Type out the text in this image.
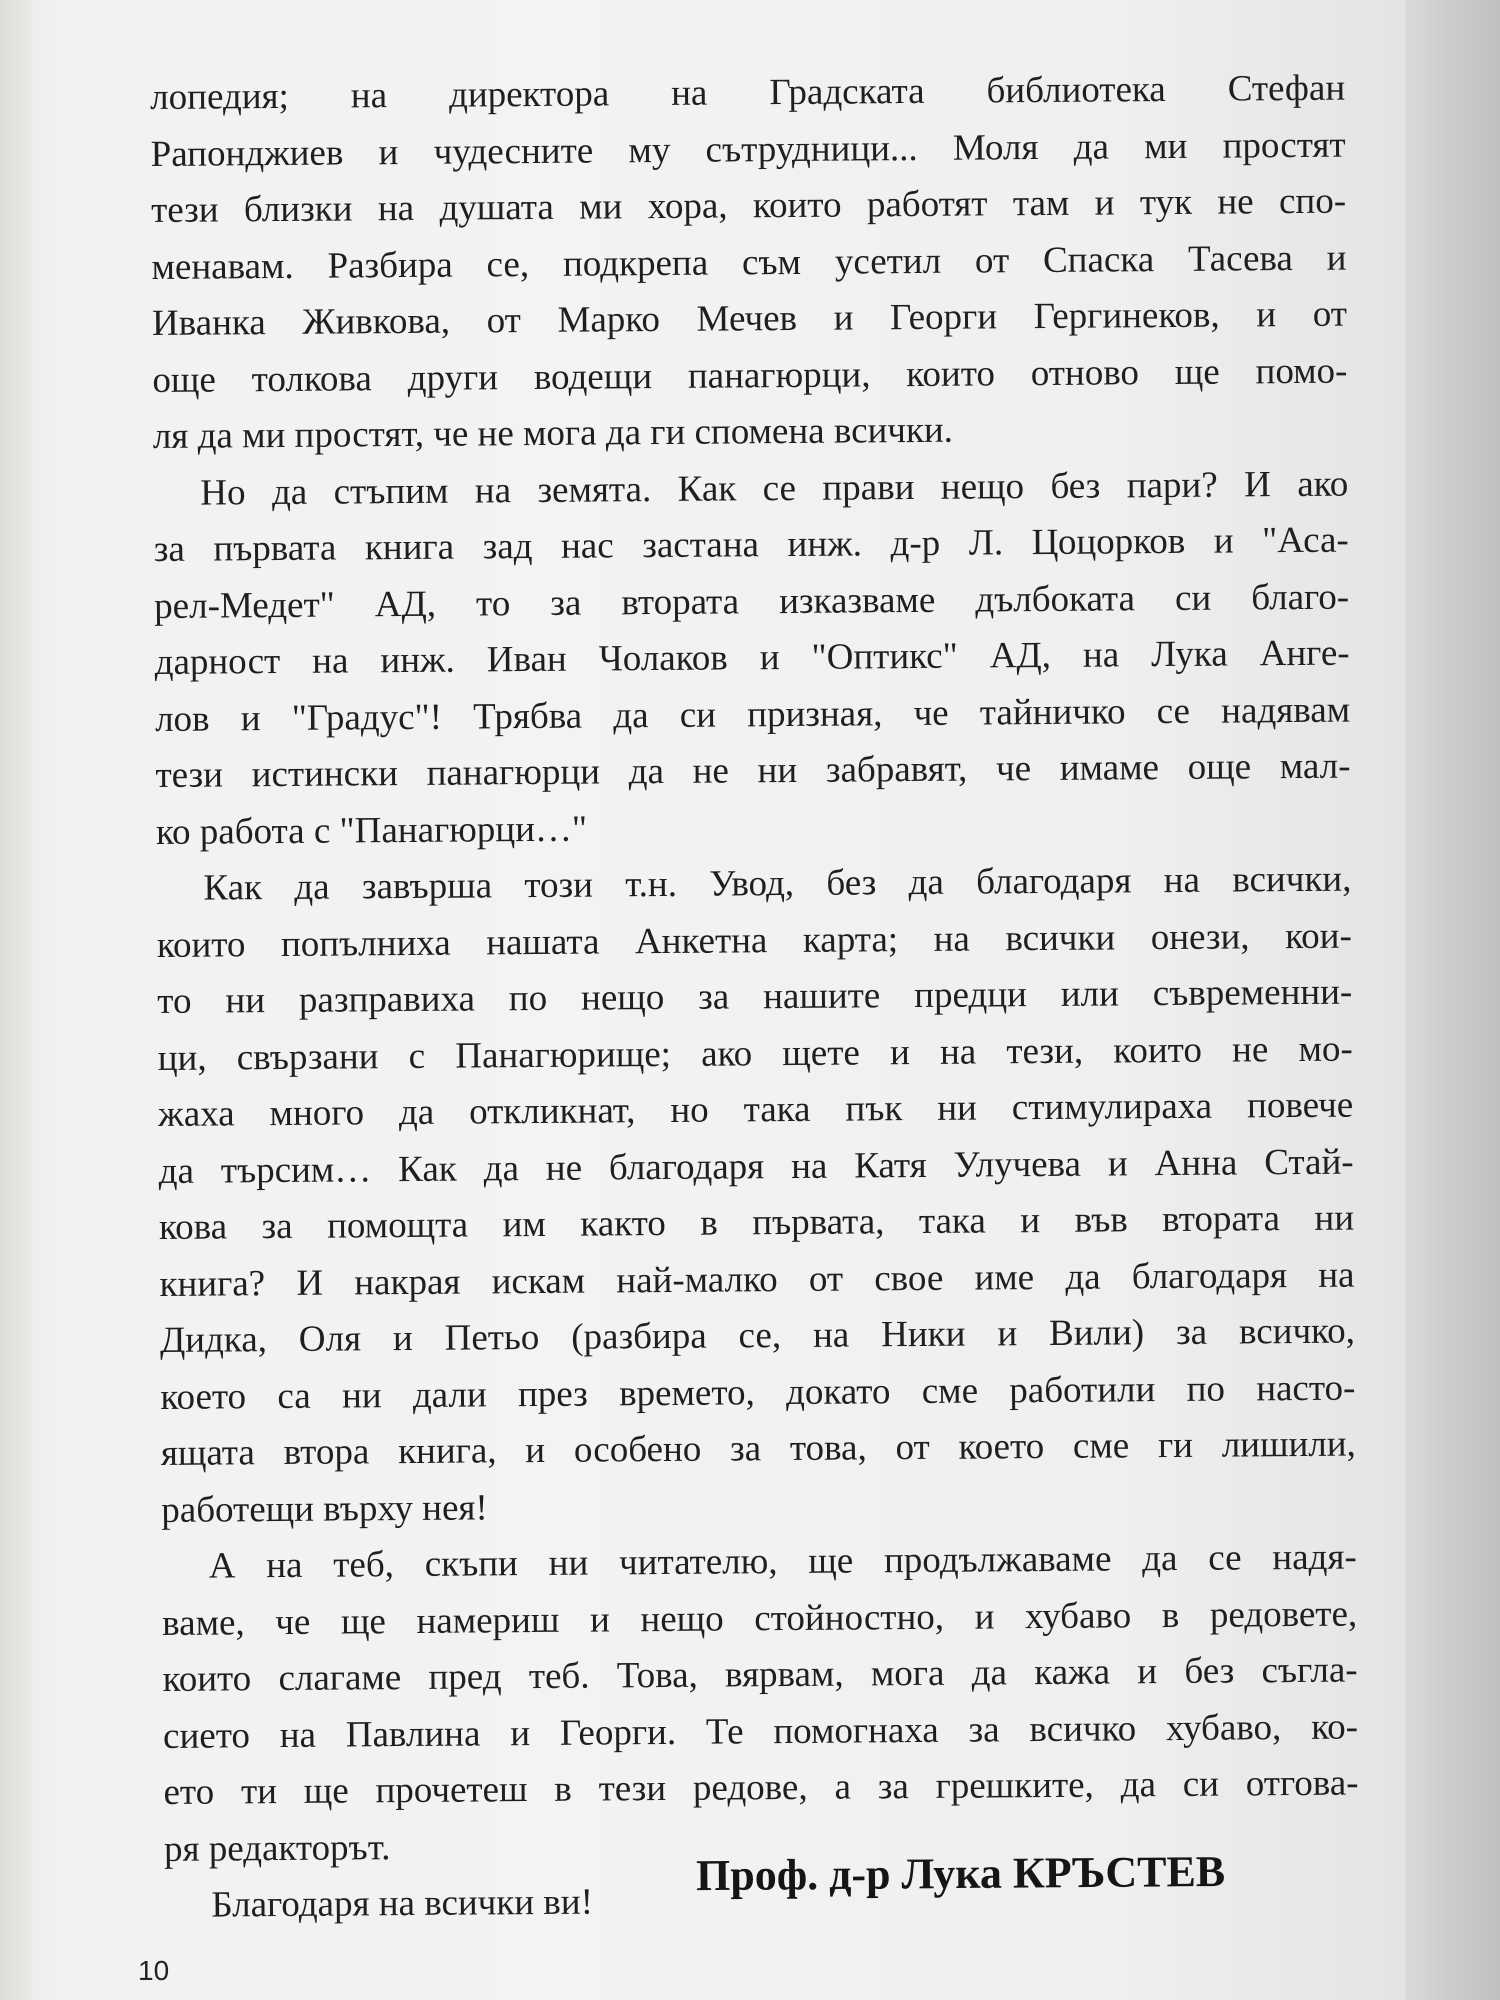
лопедия; на директора на Градската библиотека Стефан
Рапонджиев и чудесните му сътрудници... Моля да ми простят
тези близки на душата ми хора, които работят там и тук не спо-
менавам. Разбира се, подкрепа съм усетил от Спаска Тасева и
Иванка Живкова, от Марко Мечев и Георги Гергинеков, и от
още толкова други водещи панагюрци, които отново ще помо-
ля да ми простят, че не мога да ги спомена всички.
Но да стъпим на земята. Как се прави нещо без пари? И ако
за първата книга зад нас застана инж. д-р Л. Цоцорков и "Аса-
рел-Медет" АД, то за втората изказваме дълбоката си благо-
дарност на инж. Иван Чолаков и "Оптикс" АД, на Лука Анге-
лов и "Градус"! Трябва да си призная, че тайничко се надявам
тези истински панагюрци да не ни забравят, че имаме още мал-
ко работа с "Панагюрци…"
Как да завърша този т.н. Увод, без да благодаря на всички,
които попълниха нашата Анкетна карта; на всички онези, кои-
то ни разправиха по нещо за нашите предци или съвременни-
ци, свързани с Панагюрище; ако щете и на тези, които не мо-
жаха много да откликнат, но така пък ни стимулираха повече
да търсим… Как да не благодаря на Катя Улучева и Анна Стай-
кова за помощта им както в първата, така и във втората ни
книга? И накрая искам най-малко от свое име да благодаря на
Дидка, Оля и Петьо (разбира се, на Ники и Вили) за всичко,
което са ни дали през времето, докато сме работили по насто-
ящата втора книга, и особено за това, от което сме ги лишили,
работещи върху нея!
А на теб, скъпи ни читателю, ще продължаваме да се надя-
ваме, че ще намериш и нещо стойностно, и хубаво в редовете,
които слагаме пред теб. Това, вярвам, мога да кажа и без съгла-
сието на Павлина и Георги. Те помогнаха за всичко хубаво, ко-
ето ти ще прочетеш в тези редове, а за грешките, да си отгова-
ря редакторът.
Благодаря на всички ви!
Проф. д-р Лука КРЪСТЕВ
10
